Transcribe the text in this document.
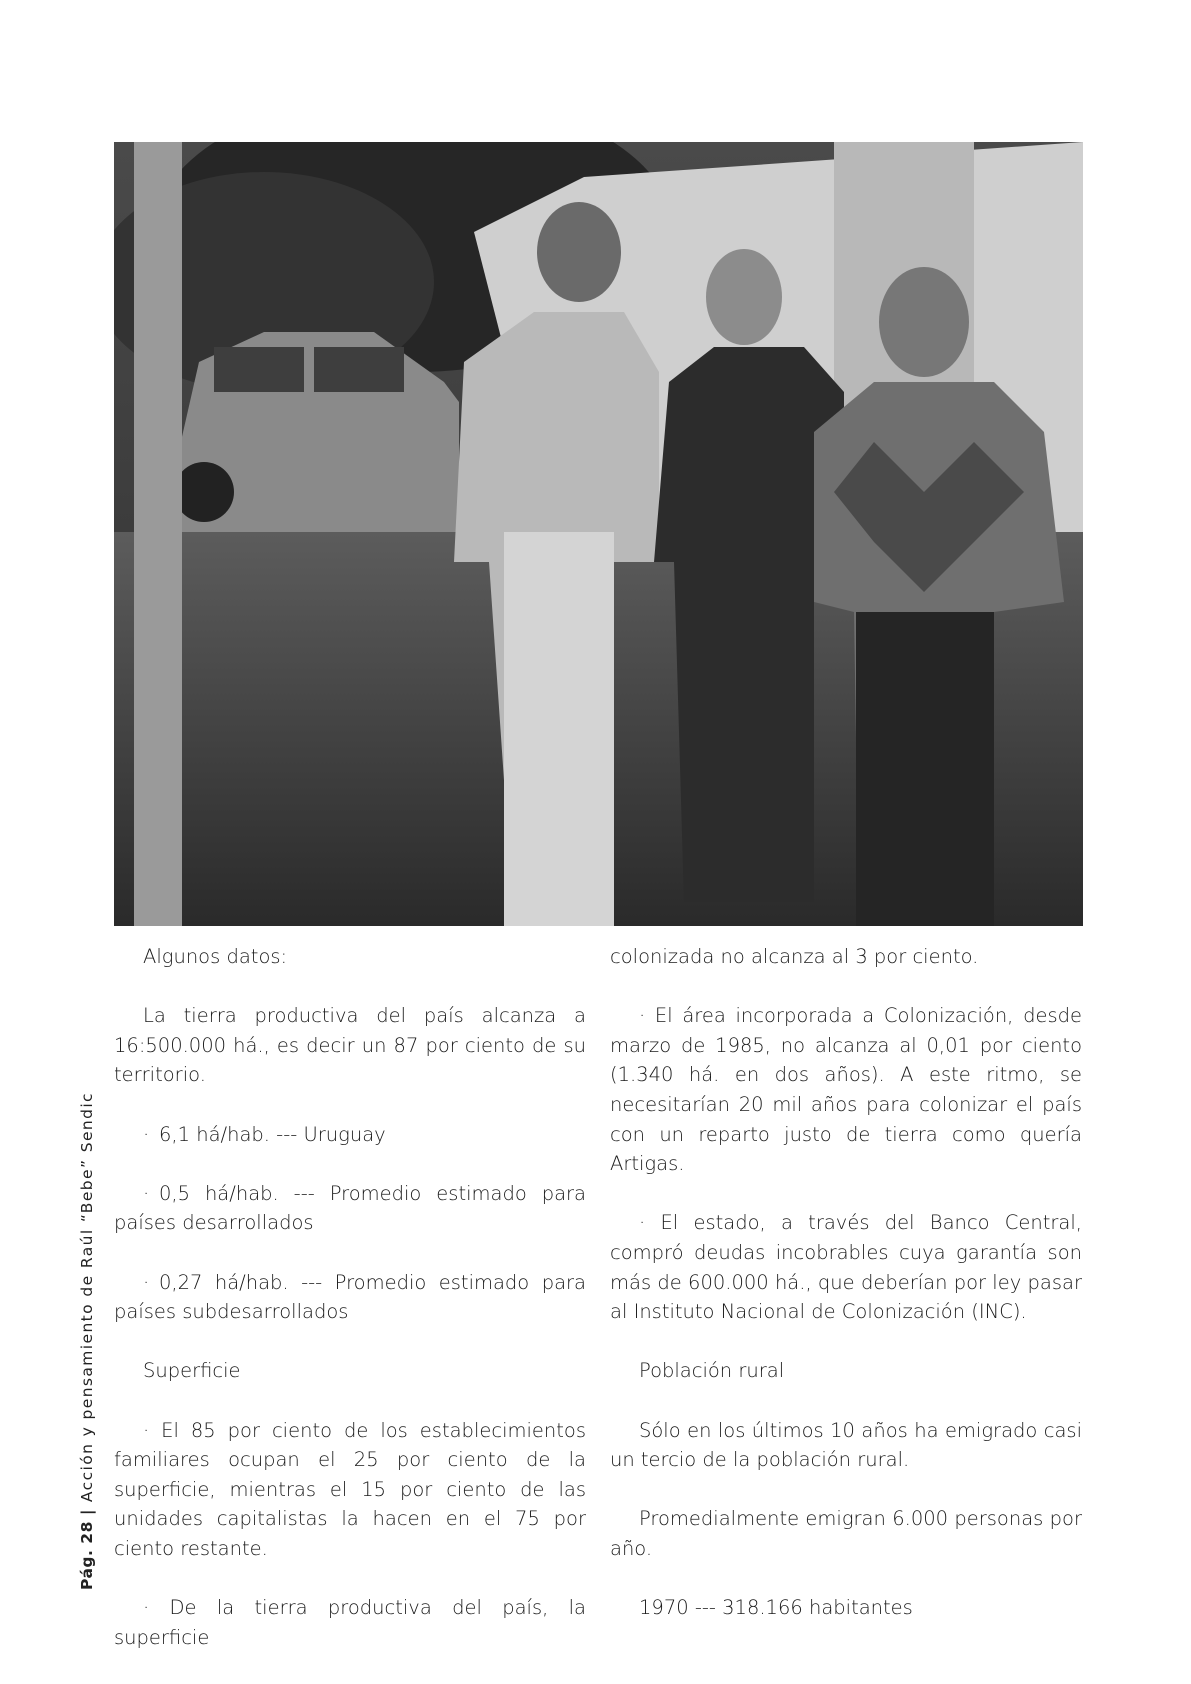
Algunos datos:

La tierra productiva del país alcanza a 16:500.000 há., es decir un 87 por ciento de su territorio.

· 6,1 há/hab. --- Uruguay

· 0,5 há/hab. --- Promedio estimado para países desarrollados

· 0,27 há/hab. --- Promedio estimado para países subdesarrollados

Superficie

· El 85 por ciento de los establecimientos familiares ocupan el 25 por ciento de la superficie, mientras el 15 por ciento de las unidades capitalistas la hacen en el 75 por ciento restante.

· De la tierra productiva del país, la superficie

colonizada no alcanza al 3 por ciento.

· El área incorporada a Colonización, desde marzo de 1985, no alcanza al 0,01 por ciento (1.340 há. en dos años). A este ritmo, se necesitarían 20 mil años para colonizar el país con un reparto justo de tierra como quería Artigas.

· El estado, a través del Banco Central, compró deudas incobrables cuya garantía son más de 600.000 há., que deberían por ley pasar al Instituto Nacional de Colonización (INC).

Población rural

Sólo en los últimos 10 años ha emigrado casi un tercio de la población rural.

Promedialmente emigran 6.000 personas por año.

1970 --- 318.166 habitantes

Pág. 28|Acción y pensamiento de Raúl “Bebe” Sendic
